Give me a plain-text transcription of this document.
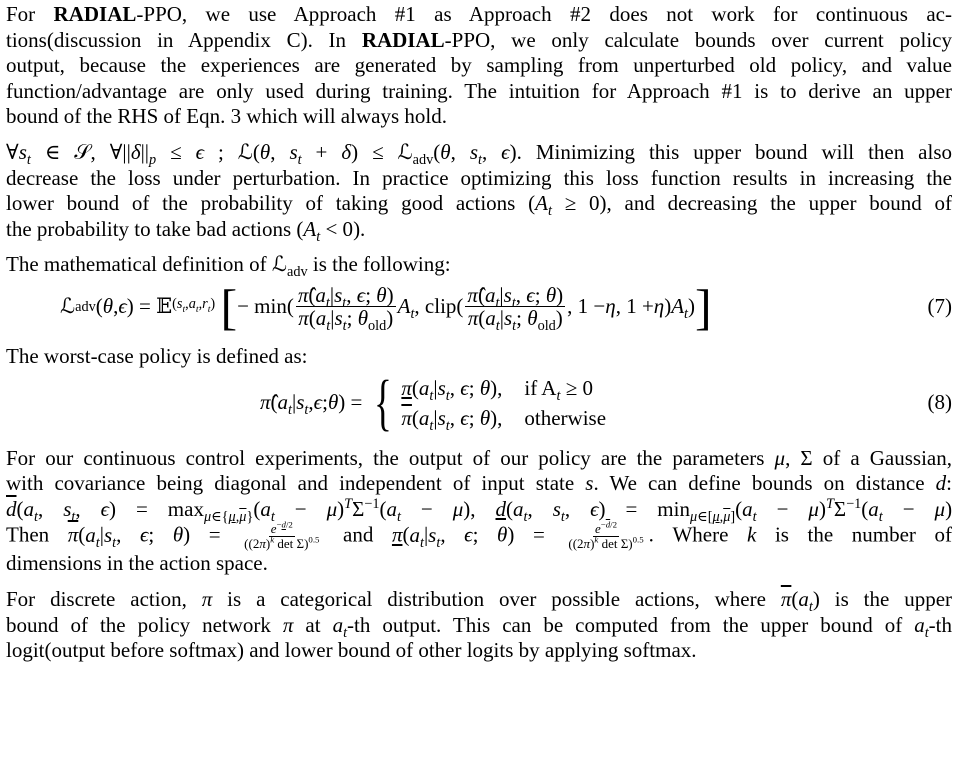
For RADIAL-PPO, we use Approach #1 as Approach #2 does not work for continuous ac-
tions(discussion in Appendix C). In RADIAL-PPO, we only calculate bounds over current policy
output, because the experiences are generated by sampling from unperturbed old policy, and value
function/advantage are only used during training. The intuition for Approach #1 is to derive an upper
bound of the RHS of Eqn. 3 which will always hold.
$\forall s_t$ ∈ 𝒮, $\forall||\delta||_p \le \epsilon$ ; ℒ(θ, $s_t + \delta$) ≤ ℒ$_{adv}$(θ, $s_t$, ϵ). Minimizing this upper bound will then also
decrease the loss under perturbation. In practice optimizing this loss function results in increasing the
lower bound of the probability of taking good actions $(A_t \ge 0)$, and decreasing the upper bound of
the probability to take bad actions $(A_t < 0)$.
The mathematical definition of ℒ$_{adv}$ is the following:
ℒ adv ( θ , ϵ ) = 𝔼 $(s_t,a_t,r_t)$
[ − $\min( \frac{\pî(a_t|s_t, \epsilon; \theta)}{\pi(a_t|s_t; \theta_{old})} A_t$ , clip( $\frac{\pî(a_t|s_t, \epsilon; \theta)}{\pi(a_t|s_t; \theta_{old})}$ , 1 − η , 1 + η ) $A_t$ ) ]	(7)
The worst-case policy is defined as:
π̂ ( $a_t$ | $s_t$ , ϵ ; θ ) = { $\pi(a_t|s_t$, ϵ; θ), if $A_t \ge 0$
$\overline{\pi}(a_t|s_t$, ϵ; θ), otherwise
(8)
For our continuous control experiments, the output of our policy are the parameters μ, Σ of a Gaussian,
with covariance being diagonal and independent of input state s. We can define bounds on distance d:
$\overline{d}(a_t$, $s_t$, $\epsilon) = \max_{\mu\in\{\mu,\overline{\mu}\}}(a_t - \mu)^T\Sigma^{-1}(a_t - \mu)$, $d(a_t$, $s_t$, $\epsilon) = \min_{\mu\in[\mu,\overline{\mu}]}(a_t - \mu)^T\Sigma^{-1}(a_t - \mu)$
Then $\overline{\pi}(a_t|s_t$, ϵ; $\theta) = \frac{e^{-d/2}}{((2\pi)^k \det \Sigma)^{0.5}}$ and $\pi(a_t|s_t$, ϵ; $\theta) = \frac{e^{-\overline{d}/2}}{((2\pi)^k \det \Sigma)^{0.5}}$ . Where k is the number of
dimensions in the action space.
For discrete action, π is a categorical distribution over possible actions, where $\overline{\pi}(a_t)$ is the upper
bound of the policy network π at $a_t-th$ output. This can be computed from the upper bound of $a_t-th$
logit(output before softmax) and lower bound of other logits by applying softmax.
